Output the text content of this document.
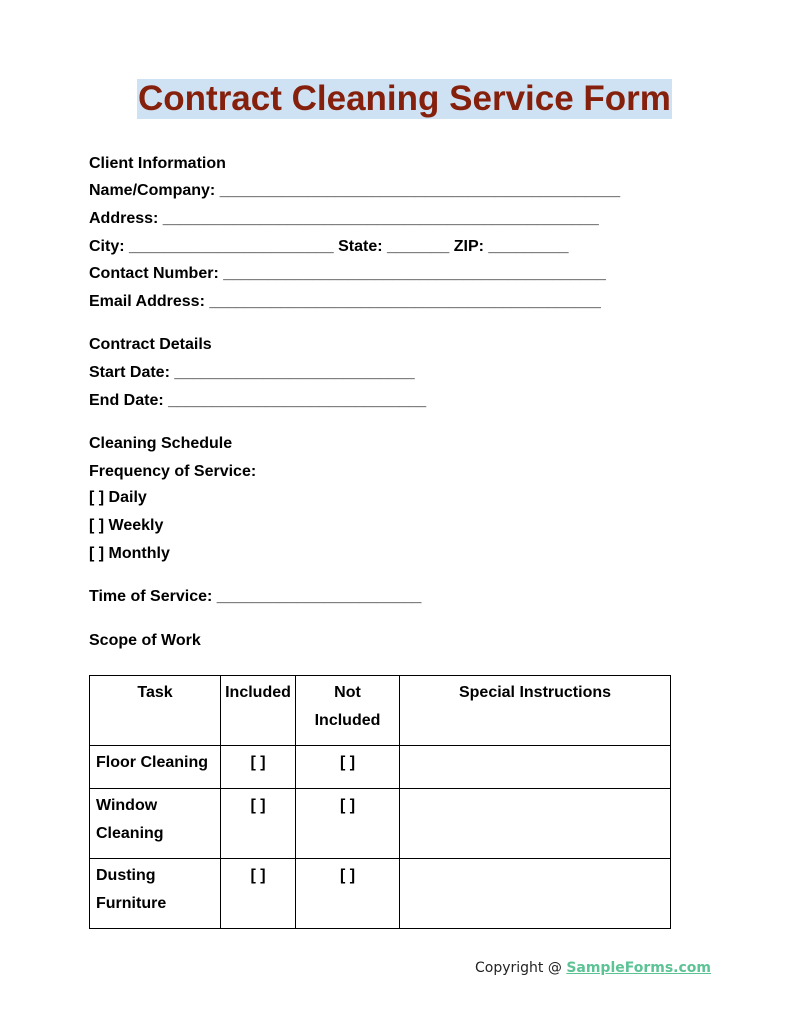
Contract Cleaning Service Form
Client Information
Name/Company: _____________________________________________
Address: _________________________________________________
City: _______________________ State: _______ ZIP: _________
Contact Number: ___________________________________________
Email Address: ____________________________________________
Contract Details
Start Date: ___________________________
End Date: _____________________________
Cleaning Schedule
Frequency of Service:
[ ] Daily
[ ] Weekly
[ ] Monthly
Time of Service: _______________________
Scope of Work
Task	Included	Not Included	Special Instructions
Floor Cleaning	[ ]	[ ]	
Window Cleaning	[ ]	[ ]	
Dusting Furniture	[ ]	[ ]	
Copyright @ SampleForms.com
